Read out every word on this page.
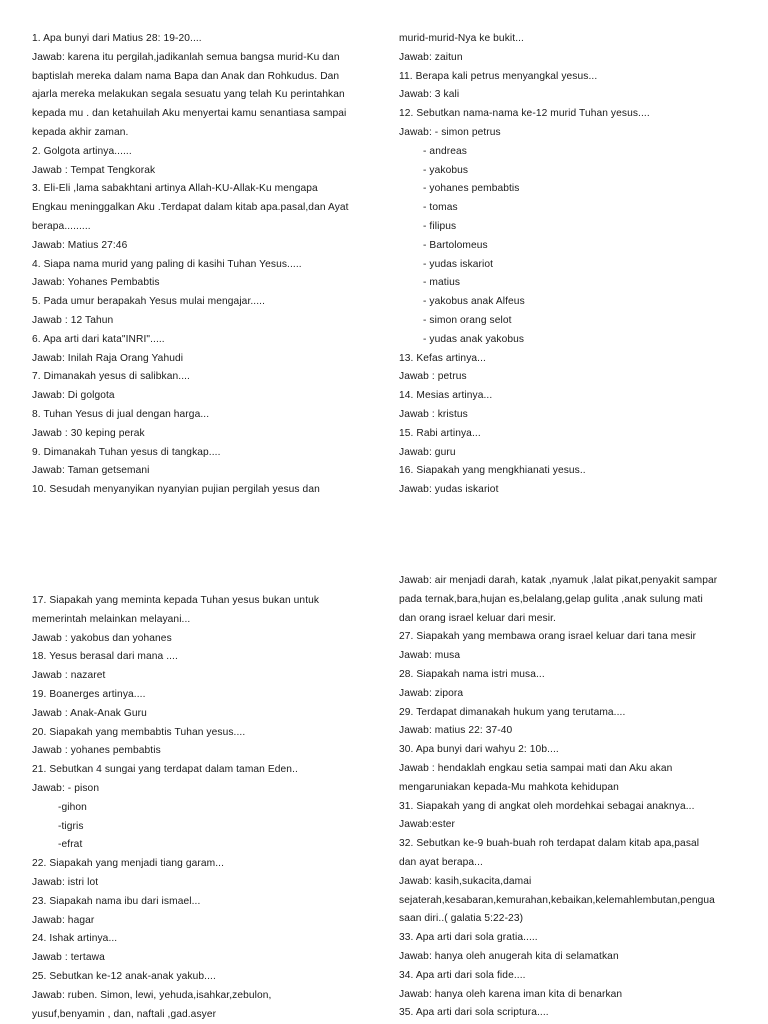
1. Apa bunyi dari Matius 28: 19-20....
Jawab: karena itu pergilah,jadikanlah semua bangsa murid-Ku dan
baptislah mereka dalam nama Bapa dan Anak dan Rohkudus. Dan
ajarla mereka melakukan segala sesuatu yang telah Ku perintahkan
kepada mu . dan ketahuilah Aku menyertai kamu senantiasa sampai
kepada akhir zaman.
2. Golgota artinya......
Jawab : Tempat Tengkorak
3. Eli-Eli ,lama sabakhtani artinya Allah-KU-Allak-Ku mengapa
Engkau meninggalkan Aku .Terdapat dalam kitab apa.pasal,dan Ayat
berapa.........
Jawab: Matius 27:46
4. Siapa nama murid yang paling di kasihi Tuhan Yesus.....
Jawab: Yohanes Pembabtis
5. Pada umur berapakah Yesus mulai mengajar.....
Jawab : 12 Tahun
6. Apa arti dari kata"INRI".....
Jawab: Inilah Raja Orang Yahudi
7. Dimanakah yesus di salibkan....
Jawab: Di golgota
8. Tuhan Yesus di jual dengan harga...
Jawab : 30 keping perak
9. Dimanakah Tuhan yesus di tangkap....
Jawab: Taman getsemani
10. Sesudah menyanyikan nyanyian pujian pergilah yesus dan
murid-murid-Nya ke bukit...
Jawab: zaitun
11. Berapa kali petrus menyangkal yesus...
Jawab: 3 kali
12. Sebutkan nama-nama ke-12 murid Tuhan yesus....
Jawab: - simon petrus
- andreas
- yakobus
- yohanes pembabtis
- tomas
- filipus
- Bartolomeus
- yudas iskariot
- matius
- yakobus anak Alfeus
- simon orang selot
- yudas anak yakobus
13. Kefas artinya...
Jawab : petrus
14. Mesias artinya...
Jawab : kristus
15. Rabi artinya...
Jawab: guru
16. Siapakah yang mengkhianati yesus..
Jawab: yudas iskariot
17. Siapakah yang meminta kepada Tuhan yesus bukan untuk
memerintah melainkan melayani...
Jawab : yakobus dan yohanes
18. Yesus berasal dari mana ....
Jawab : nazaret
19. Boanerges artinya....
Jawab : Anak-Anak Guru
20. Siapakah yang membabtis Tuhan yesus....
Jawab : yohanes pembabtis
21. Sebutkan 4 sungai yang terdapat dalam taman Eden..
Jawab: - pison
-gihon
-tigris
-efrat
22. Siapakah yang menjadi tiang garam...
Jawab: istri lot
23. Siapakah nama ibu dari ismael...
Jawab: hagar
24. Ishak artinya...
Jawab : tertawa
25. Sebutkan ke-12 anak-anak yakub....
Jawab: ruben. Simon, lewi, yehuda,isahkar,zebulon,
yusuf,benyamin , dan, naftali ,gad.asyer
Jawab: air menjadi darah, katak ,nyamuk ,lalat pikat,penyakit sampar
pada ternak,bara,hujan es,belalang,gelap gulita ,anak sulung mati
dan orang israel keluar dari mesir.
27. Siapakah yang membawa orang israel keluar dari tana mesir
Jawab: musa
28. Siapakah nama istri musa...
Jawab: zipora
29. Terdapat dimanakah hukum yang terutama....
Jawab: matius 22: 37-40
30. Apa bunyi dari wahyu 2: 10b....
Jawab : hendaklah engkau setia sampai mati dan Aku akan
mengaruniakan kepada-Mu mahkota kehidupan
31. Siapakah yang di angkat oleh mordehkai sebagai anaknya...
Jawab:ester
32. Sebutkan ke-9 buah-buah roh terdapat dalam kitab apa,pasal
dan ayat berapa...
Jawab: kasih,sukacita,damai
sejaterah,kesabaran,kemurahan,kebaikan,kelemahlembutan,pengua
saan diri..( galatia 5:22-23)
33. Apa arti dari sola gratia.....
Jawab: hanya oleh anugerah kita di selamatkan
34. Apa arti dari sola fide....
Jawab: hanya oleh karena iman kita di benarkan
35. Apa arti dari sola scriptura....
